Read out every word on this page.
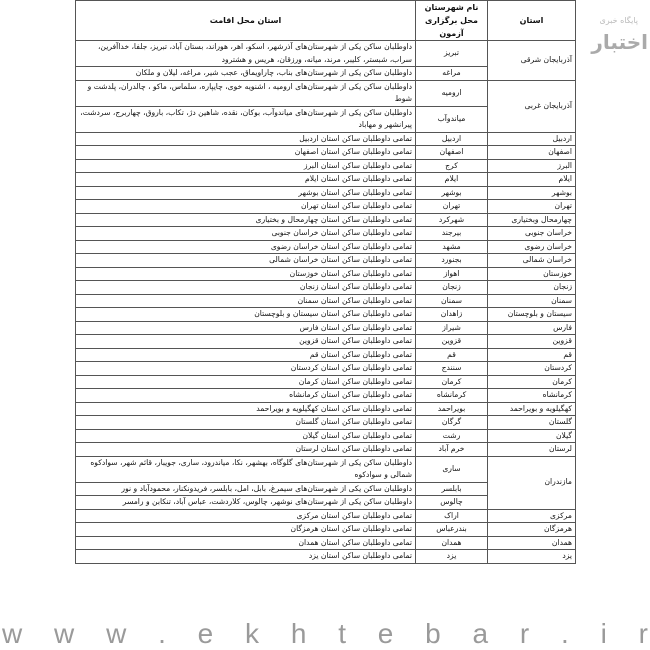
استان	نام شهرستان محل برگزاری آزمون	استان محل اقامت
آذربایجان شرقی	تبریز	داوطلبان ساکن یکی از شهرستان‌های آذرشهر، اسکو، اهر، هوراند، بستان آباد، تبریز، جلفا، خداآفرین، سراب، شبستر، کلیبر، مرند، میانه، ورزقان، هریس و هشترود
	مراغه	داوطلبان ساکن یکی از شهرستان‌های بناب، چاراویماق، عجب شیر، مراغه، لیلان و ملکان
آذربایجان غربی	ارومیه	داوطلبان ساکن یکی از شهرستان‌های ارومیه ، اشنویه خوی، چایپاره، سلماس، ماکو ، چالدران، پلدشت و شوط
	میاندوآب	داوطلبان ساکن یکی از شهرستان‌های میاندوآب، بوکان، نقده، شاهین دژ، تکاب، باروق، چهاربرج، سردشت، پیرانشهر و مهاباد
اردبیل	اردبیل	تمامی داوطلبان ساکن استان اردبیل
اصفهان	اصفهان	تمامی داوطلبان ساکن استان اصفهان
البرز	کرج	تمامی داوطلبان ساکن استان البرز
ایلام	ایلام	تمامی داوطلبان ساکن استان ایلام
بوشهر	بوشهر	تمامی داوطلبان ساکن استان بوشهر
تهران	تهران	تمامی داوطلبان ساکن استان تهران
چهارمحال وبختیاری	شهرکرد	تمامی داوطلبان ساکن استان چهارمحال و بختیاری
خراسان جنوبی	بیرجند	تمامی داوطلبان ساکن استان خراسان جنوبی
خراسان رضوی	مشهد	تمامی داوطلبان ساکن استان خراسان رضوی
خراسان شمالی	بجنورد	تمامی داوطلبان ساکن استان خراسان شمالی
خوزستان	اهواز	تمامی داوطلبان ساکن استان خوزستان
زنجان	زنجان	تمامی داوطلبان ساکن استان زنجان
سمنان	سمنان	تمامی داوطلبان ساکن استان سمنان
سیستان و بلوچستان	زاهدان	تمامی داوطلبان ساکن استان سیستان و بلوچستان
فارس	شیراز	تمامی داوطلبان ساکن استان فارس
قزوین	قزوین	تمامی داوطلبان ساکن استان قزوین
قم	قم	تمامی داوطلبان ساکن استان قم
کردستان	سنندج	تمامی داوطلبان ساکن استان کردستان
کرمان	کرمان	تمامی داوطلبان ساکن استان کرمان
کرمانشاه	کرمانشاه	تمامی داوطلبان ساکن استان کرمانشاه
کهگیلویه و بویراحمد	بویراحمد	تمامی داوطلبان ساکن استان کهگیلویه و بویراحمد
گلستان	گرگان	تمامی داوطلبان ساکن استان گلستان
گیلان	رشت	تمامی داوطلبان ساکن استان گیلان
لرستان	خرم آباد	تمامی داوطلبان ساکن استان لرستان
مازندران	ساری	داوطلبان ساکن یکی از شهرستان‌های گلوگاه، بهشهر، نکا، میاندرود، ساری، جویبار، قائم شهر، سوادکوه شمالی و سوادکوه
	بابلسر	داوطلبان ساکن یکی از شهرستان‌های سیمرغ، بابل، امل، بابلسر، فریدونکنار، محمودآباد و نور
	چالوس	داوطلبان ساکن یکی از شهرستان‌های نوشهر، چالوس، کلاردشت، عباس آباد، تنکابن و رامسر
مرکزی	اراک	تمامی داوطلبان ساکن استان مرکزی
هرمزگان	بندرعباس	تمامی داوطلبان ساکن استان هرمزگان
همدان	همدان	تمامی داوطلبان ساکن استان همدان
یزد	یزد	تمامی داوطلبان ساکن استان یزد
پایگاه خبری
اختبار
w w w . e k h t e b a r . i r
